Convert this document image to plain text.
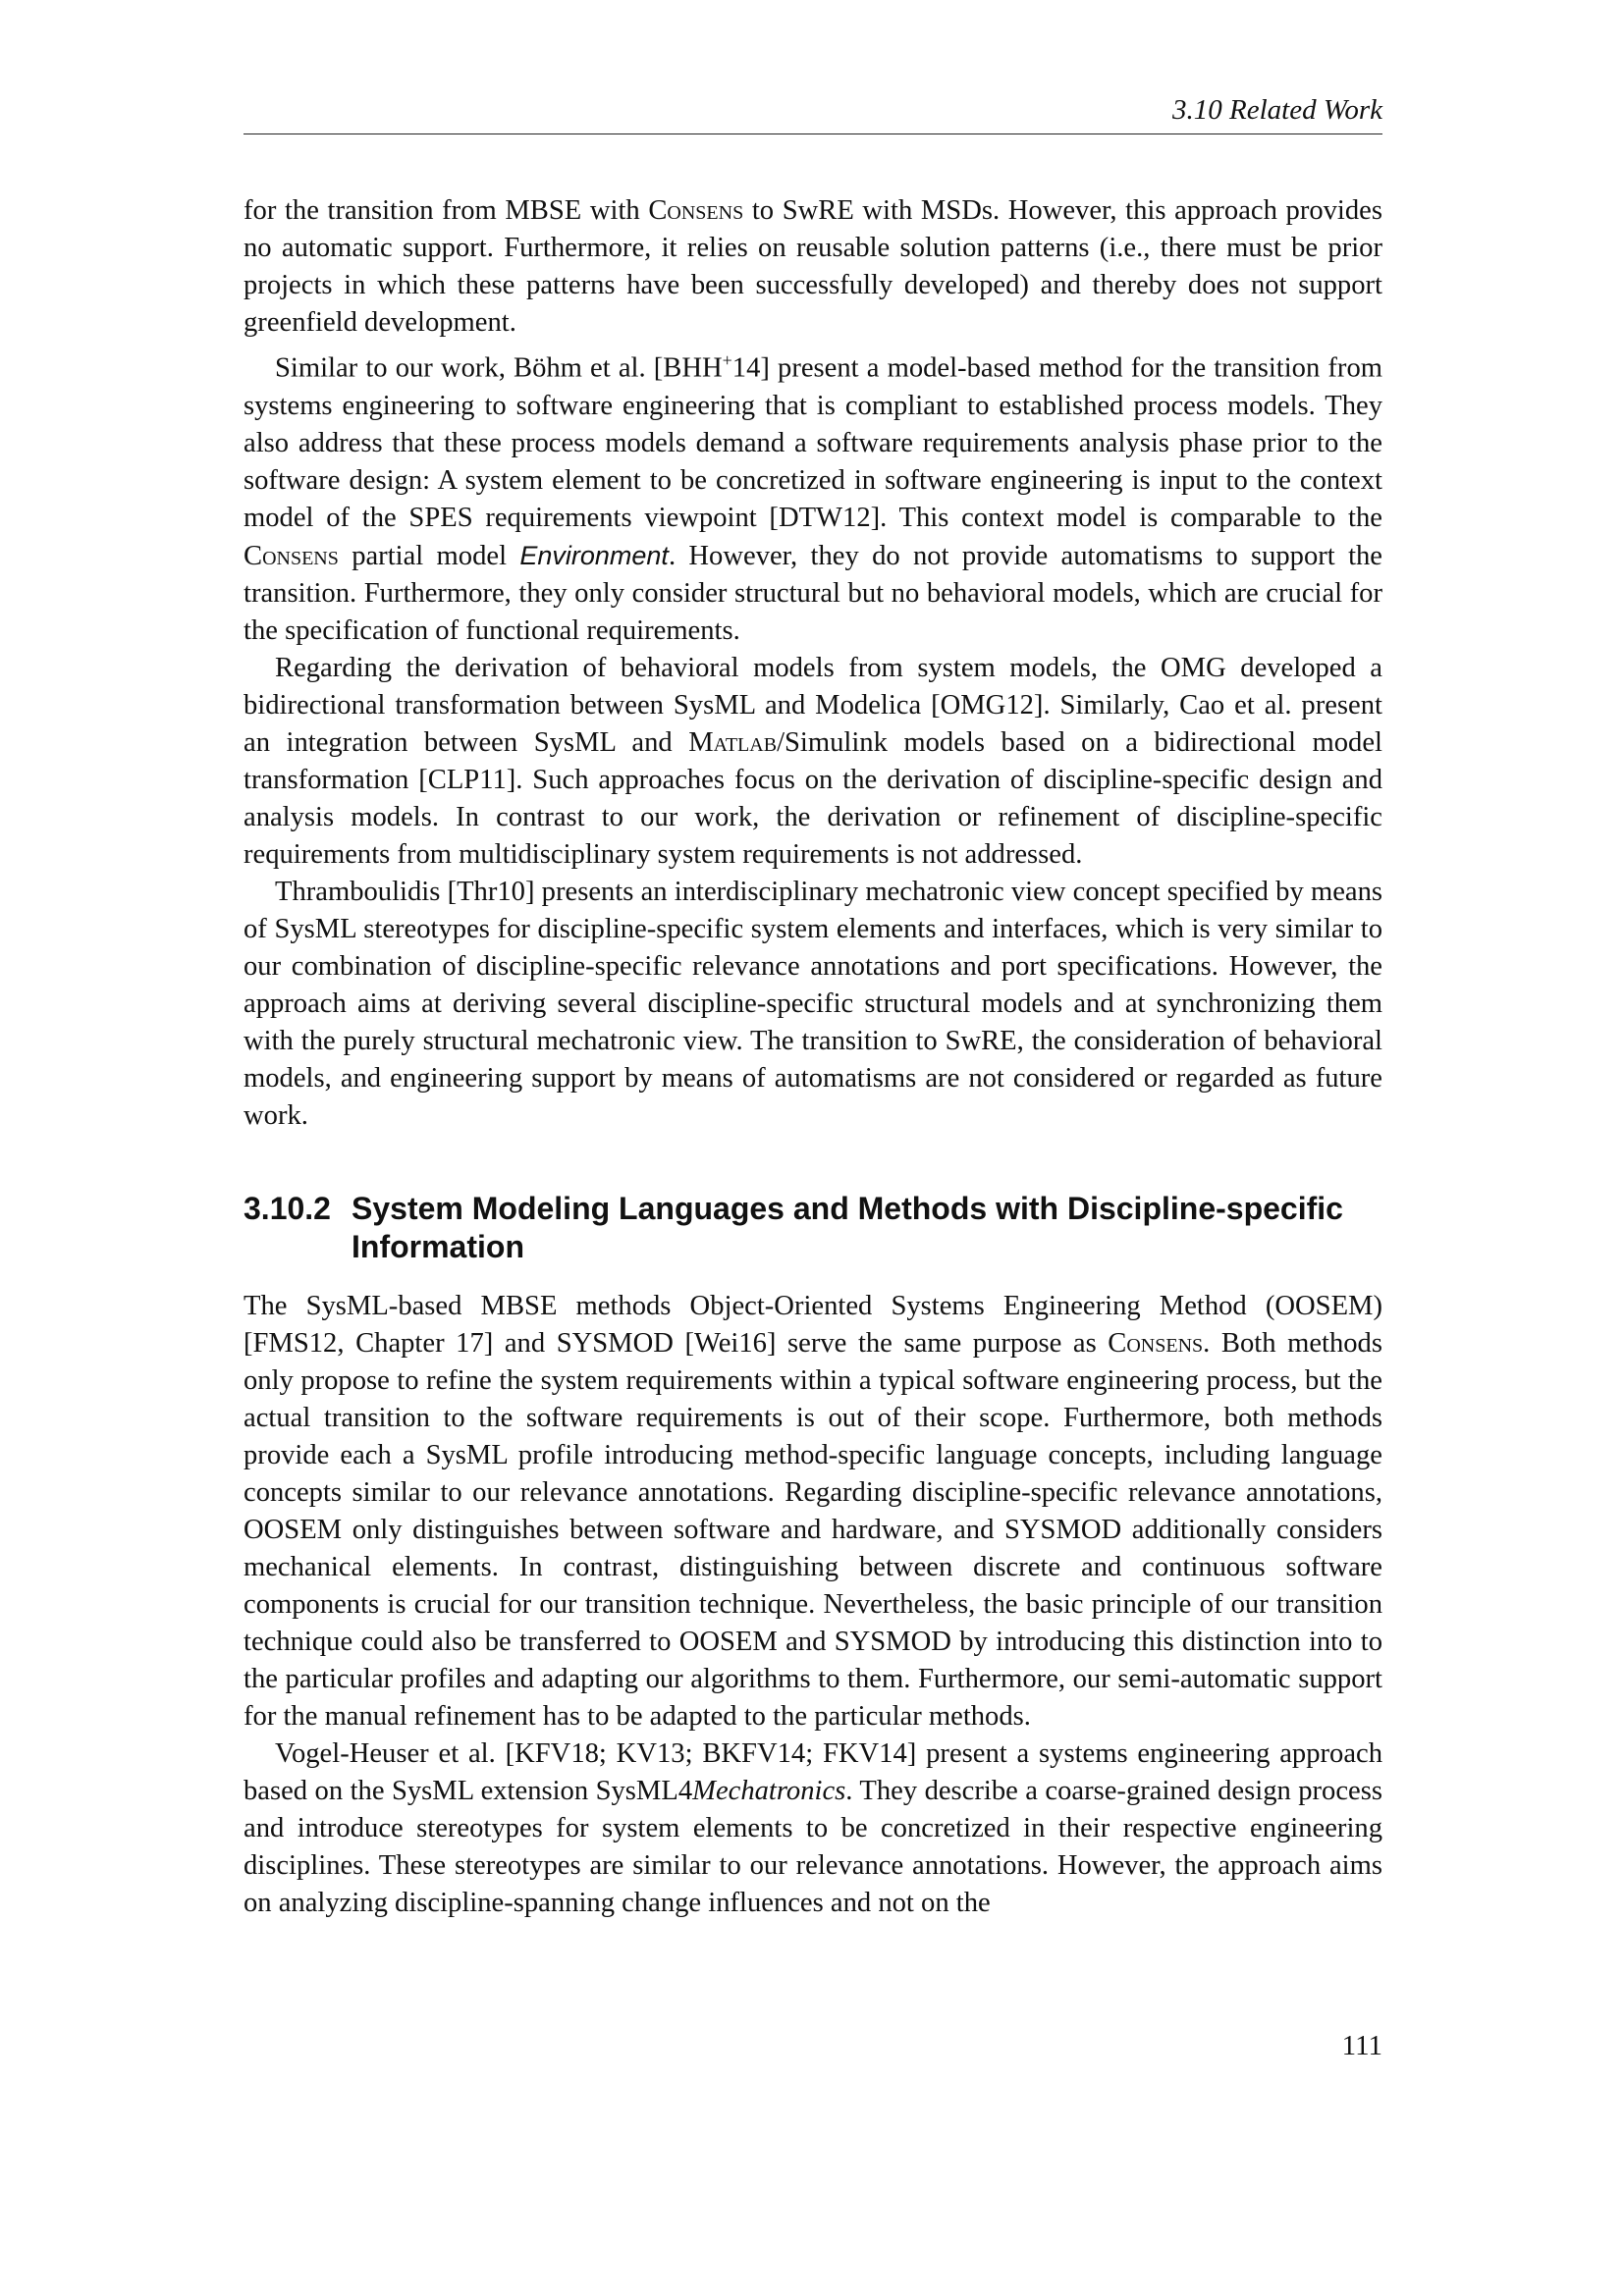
3.10 Related Work

for the transition from MBSE with Consens to SwRE with MSDs. However, this approach provides no automatic support. Furthermore, it relies on reusable solution patterns (i.e., there must be prior projects in which these patterns have been successfully developed) and thereby does not support greenfield development.

Similar to our work, Böhm et al. [BHH+14] present a model-based method for the transition from systems engineering to software engineering that is compliant to established process models. They also address that these process models demand a software requirements analysis phase prior to the software design: A system element to be concretized in software engineering is input to the context model of the SPES requirements viewpoint [DTW12]. This context model is comparable to the Consens partial model Environment. However, they do not provide automatisms to support the transition. Furthermore, they only consider structural but no behavioral models, which are crucial for the specification of functional requirements.

Regarding the derivation of behavioral models from system models, the OMG developed a bidirectional transformation between SysML and Modelica [OMG12]. Similarly, Cao et al. present an integration between SysML and Matlab/Simulink models based on a bidirectional model transformation [CLP11]. Such approaches focus on the derivation of discipline-specific design and analysis models. In contrast to our work, the derivation or refinement of discipline-specific requirements from multidisciplinary system requirements is not addressed.

Thramboulidis [Thr10] presents an interdisciplinary mechatronic view concept specified by means of SysML stereotypes for discipline-specific system elements and interfaces, which is very similar to our combination of discipline-specific relevance annotations and port specifications. However, the approach aims at deriving several discipline-specific structural models and at synchronizing them with the purely structural mechatronic view. The transition to SwRE, the consideration of behavioral models, and engineering support by means of automatisms are not considered or regarded as future work.

3.10.2 System Modeling Languages and Methods with Discipline-specific Information

The SysML-based MBSE methods Object-Oriented Systems Engineering Method (OOSEM) [FMS12, Chapter 17] and SYSMOD [Wei16] serve the same purpose as Consens. Both methods only propose to refine the system requirements within a typical software engineering process, but the actual transition to the software requirements is out of their scope. Furthermore, both methods provide each a SysML profile introducing method-specific language concepts, including language concepts similar to our relevance annotations. Regarding discipline-specific relevance annotations, OOSEM only distinguishes between software and hardware, and SYSMOD additionally considers mechanical elements. In contrast, distinguishing between discrete and continuous software components is crucial for our transition technique. Nevertheless, the basic principle of our transition technique could also be transferred to OOSEM and SYSMOD by introducing this distinction into to the particular profiles and adapting our algorithms to them. Furthermore, our semi-automatic support for the manual refinement has to be adapted to the particular methods.

Vogel-Heuser et al. [KFV18; KV13; BKFV14; FKV14] present a systems engineering approach based on the SysML extension SysML4Mechatronics. They describe a coarse-grained design process and introduce stereotypes for system elements to be concretized in their respective engineering disciplines. These stereotypes are similar to our relevance annotations. However, the approach aims on analyzing discipline-spanning change influences and not on the

111
